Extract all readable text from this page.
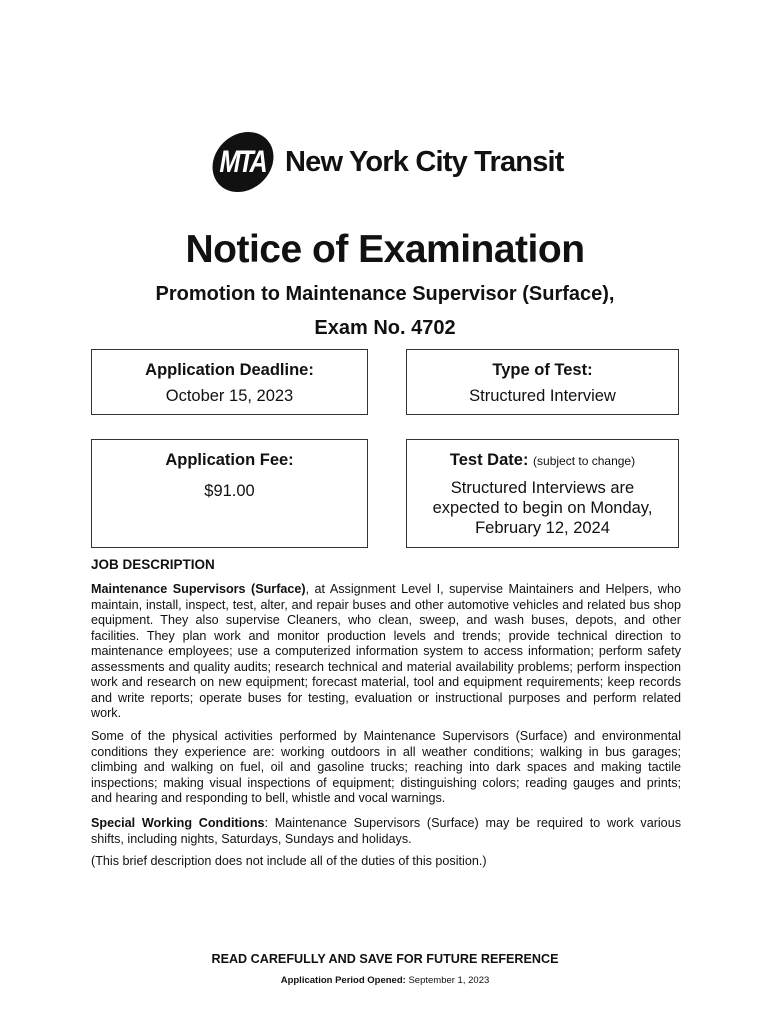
MTA New York City Transit
Notice of Examination
Promotion to Maintenance Supervisor (Surface),
Exam No. 4702
Application Deadline:
October 15, 2023
Type of Test:
Structured Interview
Application Fee:
$91.00
Test Date: (subject to change)
Structured Interviews are expected to begin on Monday, February 12, 2024
JOB DESCRIPTION
Maintenance Supervisors (Surface), at Assignment Level I, supervise Maintainers and Helpers, who maintain, install, inspect, test, alter, and repair buses and other automotive vehicles and related bus shop equipment. They also supervise Cleaners, who clean, sweep, and wash buses, depots, and other facilities. They plan work and monitor production levels and trends; provide technical direction to maintenance employees; use a computerized information system to access information; perform safety assessments and quality audits; research technical and material availability problems; perform inspection work and research on new equipment; forecast material, tool and equipment requirements; keep records and write reports; operate buses for testing, evaluation or instructional purposes and perform related work.
Some of the physical activities performed by Maintenance Supervisors (Surface) and environmental conditions they experience are: working outdoors in all weather conditions; walking in bus garages; climbing and walking on fuel, oil and gasoline trucks; reaching into dark spaces and making tactile inspections; making visual inspections of equipment; distinguishing colors; reading gauges and prints; and hearing and responding to bell, whistle and vocal warnings.
Special Working Conditions: Maintenance Supervisors (Surface) may be required to work various shifts, including nights, Saturdays, Sundays and holidays.
(This brief description does not include all of the duties of this position.)
READ CAREFULLY AND SAVE FOR FUTURE REFERENCE
Application Period Opened: September 1, 2023
